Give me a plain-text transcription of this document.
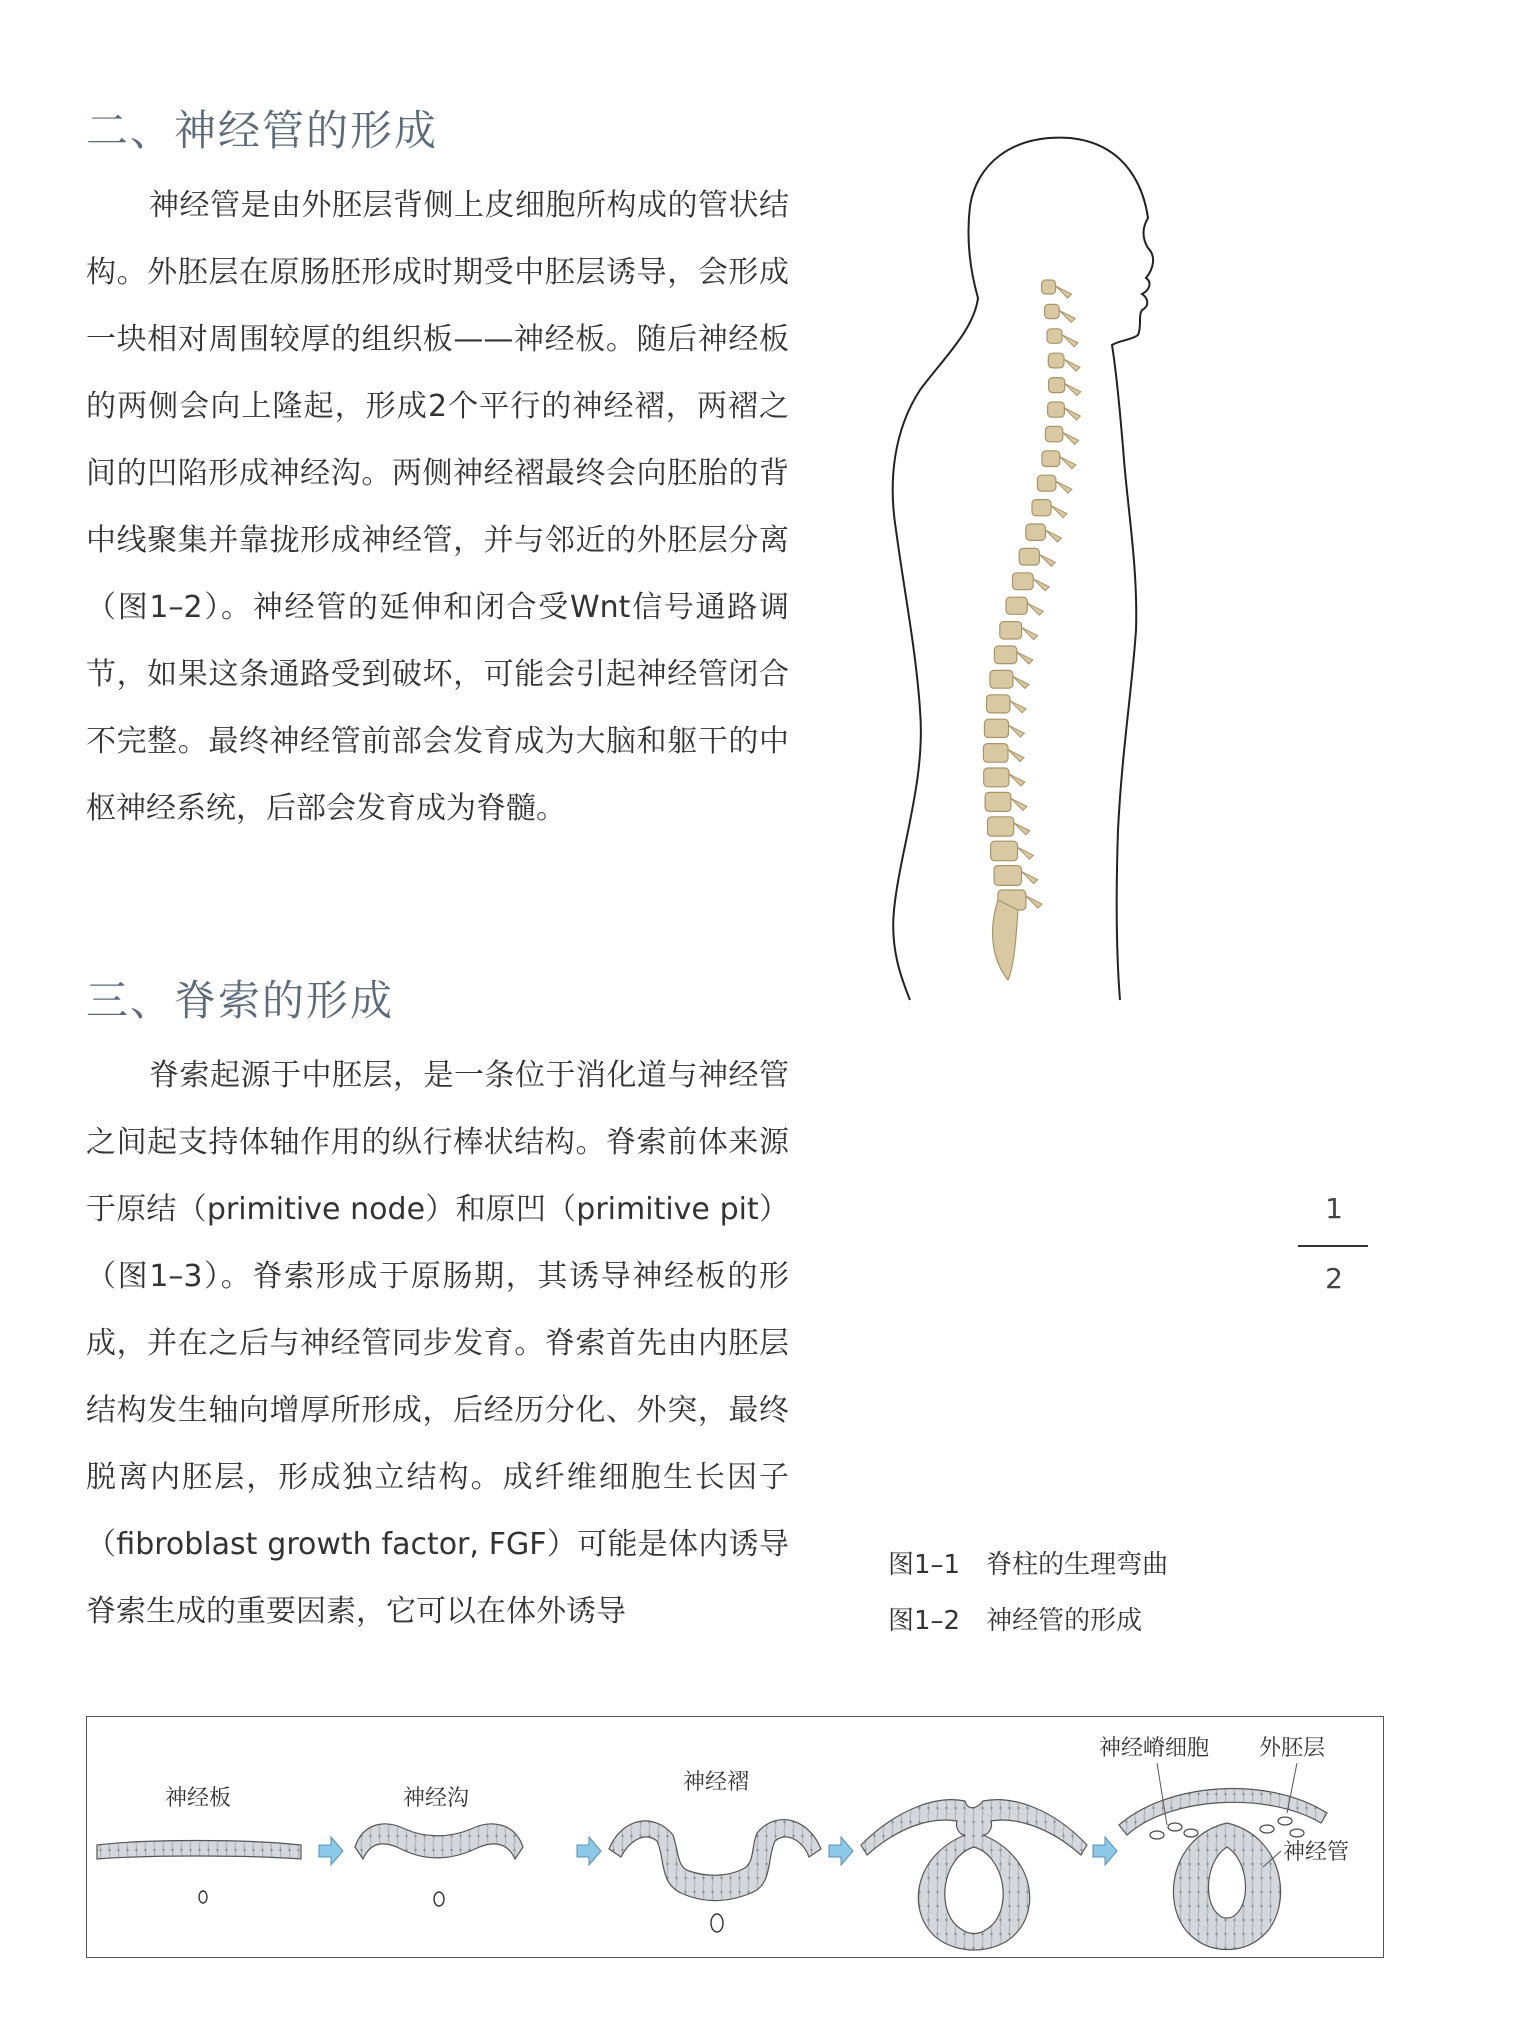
二、神经管的形成

神经管是由外胚层背侧上皮细胞所构成的管状结构。外胚层在原肠胚形成时期受中胚层诱导，会形成一块相对周围较厚的组织板——神经板。随后神经板的两侧会向上隆起，形成2个平行的神经褶，两褶之间的凹陷形成神经沟。两侧神经褶最终会向胚胎的背中线聚集并靠拢形成神经管，并与邻近的外胚层分离（图1–2）。神经管的延伸和闭合受Wnt信号通路调节，如果这条通路受到破坏，可能会引起神经管闭合不完整。最终神经管前部会发育成为大脑和躯干的中枢神经系统，后部会发育成为脊髓。

三、脊索的形成

脊索起源于中胚层，是一条位于消化道与神经管之间起支持体轴作用的纵行棒状结构。脊索前体来源于原结（primitive node）和原凹（primitive pit）（图1–3）。脊索形成于原肠期，其诱导神经板的形成，并在之后与神经管同步发育。脊索首先由内胚层结构发生轴向增厚所形成，后经历分化、外突，最终脱离内胚层，形成独立结构。成纤维细胞生长因子（fibroblast growth factor, FGF）可能是体内诱导脊索生成的重要因素，它可以在体外诱导

1
2
图1–1　脊柱的生理弯曲
图1–2　神经管的形成
神经板	神经沟
神经褶
神经嵴细胞 外胚层
神经管
